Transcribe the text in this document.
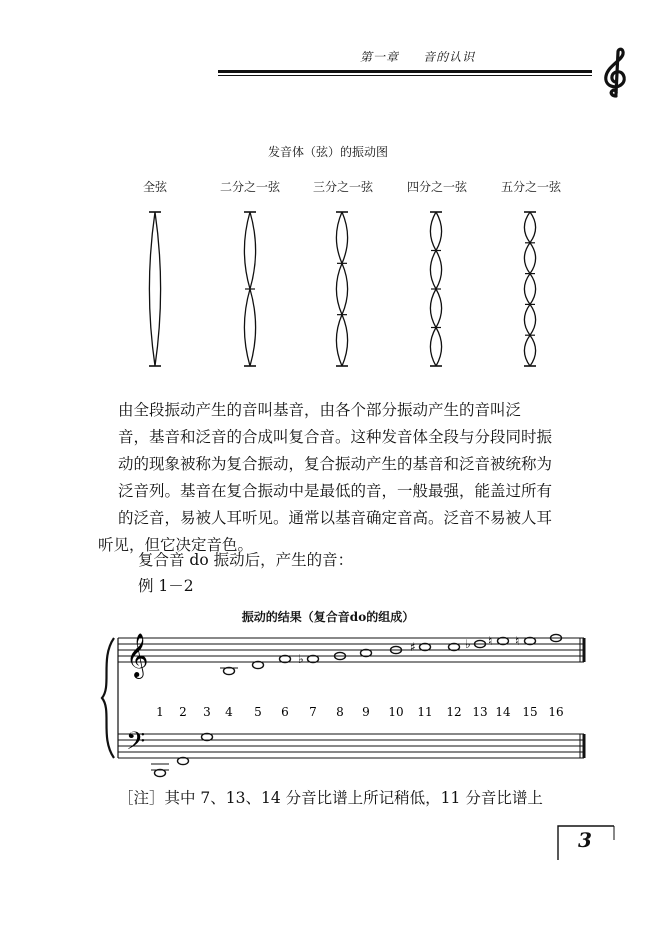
第一章 音的认识
发音体（弦）的振动图
全弦	二分之一弦	三分之一弦	四分之一弦	五分之一弦
由全段振动产生的音叫基音，由各个部分振动产生的音叫泛
音，基音和泛音的合成叫复合音。这种发音体全段与分段同时振
动的现象被称为复合振动，复合振动产生的基音和泛音被统称为
泛音列。基音在复合振动中是最低的音，一般最强，能盖过所有
的泛音，易被人耳听见。通常以基音确定音高。泛音不易被人耳
听见，但它决定音色。
复合音 do 振动后，产生的音：
例 1－2
振动的结果（复合音do的组成）
𝄞
𝄢
1 2 3 4 5 6 7 8 9 10 11 12 13 14 15 16
♭
♯	♭ ♮ ♮
［注］其中 7、13、14 分音比谱上所记稍低，11 分音比谱上
3
